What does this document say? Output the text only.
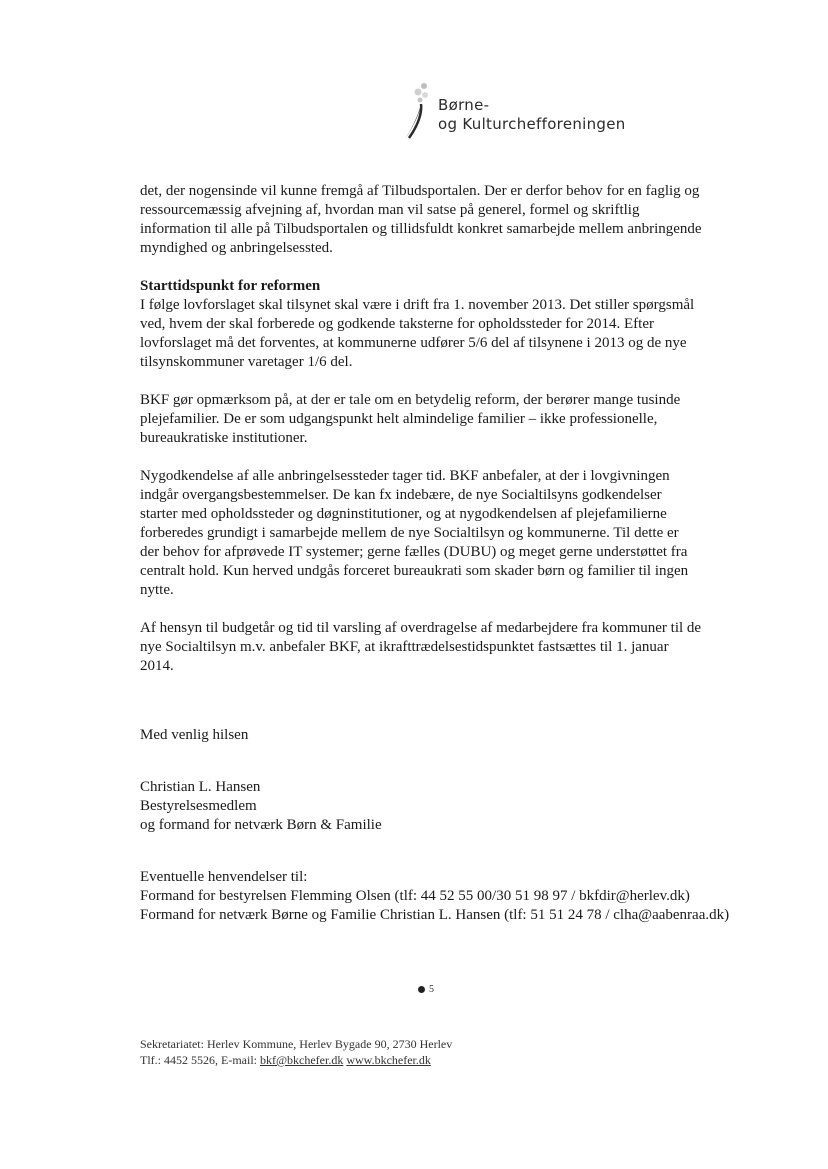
Børne-
og Kulturchefforeningen

det, der nogensinde vil kunne fremgå af Tilbudsportalen. Der er derfor behov for en faglig og

ressourcemæssig afvejning af, hvordan man vil satse på generel, formel og skriftlig

information til alle på Tilbudsportalen og tillidsfuldt konkret samarbejde mellem anbringende

myndighed og anbringelsessted.

Starttidspunkt for reformen

I følge lovforslaget skal tilsynet skal være i drift fra 1. november 2013. Det stiller spørgsmål

ved, hvem der skal forberede og godkende taksterne for opholdssteder for 2014. Efter

lovforslaget må det forventes, at kommunerne udfører 5/6 del af tilsynene i 2013 og de nye

tilsynskommuner varetager 1/6 del.

BKF gør opmærksom på, at der er tale om en betydelig reform, der berører mange tusinde

plejefamilier. De er som udgangspunkt helt almindelige familier – ikke professionelle,

bureaukratiske institutioner.

Nygodkendelse af alle anbringelsessteder tager tid. BKF anbefaler, at der i lovgivningen

indgår overgangsbestemmelser. De kan fx indebære, de nye Socialtilsyns godkendelser

starter med opholdssteder og døgninstitutioner, og at nygodkendelsen af plejefamilierne

forberedes grundigt i samarbejde mellem de nye Socialtilsyn og kommunerne. Til dette er

der behov for afprøvede IT systemer; gerne fælles (DUBU) og meget gerne understøttet fra

centralt hold. Kun herved undgås forceret bureaukrati som skader børn og familier til ingen

nytte.

Af hensyn til budgetår og tid til varsling af overdragelse af medarbejdere fra kommuner til de

nye Socialtilsyn m.v. anbefaler BKF, at ikrafttrædelsestidspunktet fastsættes til 1. januar

2014.

Med venlig hilsen

Christian L. Hansen

Bestyrelsesmedlem

og formand for netværk Børn & Familie

Eventuelle henvendelser til:

Formand for bestyrelsen Flemming Olsen (tlf: 44 52 55 00/30 51 98 97 / bkfdir@herlev.dk)

Formand for netværk Børne og Familie Christian L. Hansen (tlf: 51 51 24 78 / clha@aabenraa.dk)

5
Sekretariatet: Herlev Kommune, Herlev Bygade 90, 2730 Herlev
Tlf.: 4452 5526, E-mail: bkf@bkchefer.dk www.bkchefer.dk
